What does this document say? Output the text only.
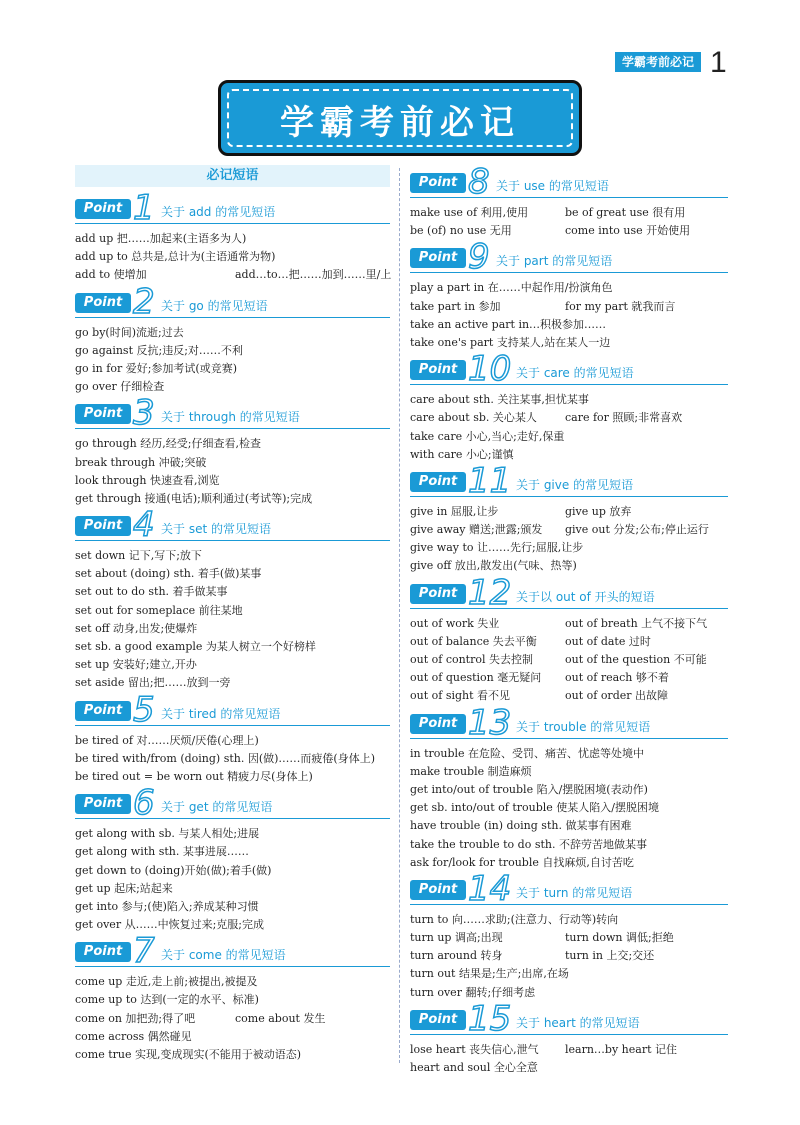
学霸考前必记 1
学霸考前必记
必记短语
Point 1 关于 add 的常见短语
add up 把……加起来(主语多为人)
add up to 总共是,总计为(主语通常为物)
add to 使增加	add…to…把……加到……里/上
Point 2 关于 go 的常见短语
go by(时间)流逝;过去
go against 反抗;违反;对……不利
go in for 爱好;参加考试(或竞赛)
go over 仔细检查
Point 3 关于 through 的常见短语
go through 经历,经受;仔细查看,检查
break through 冲破;突破
look through 快速查看,浏览
get through 接通(电话);顺利通过(考试等);完成
Point 4 关于 set 的常见短语
set down 记下,写下;放下
set about (doing) sth. 着手(做)某事
set out to do sth. 着手做某事
set out for someplace 前往某地
set off 动身,出发;使爆炸
set sb. a good example 为某人树立一个好榜样
set up 安装好;建立,开办
set aside 留出;把……放到一旁
Point 5 关于 tired 的常见短语
be tired of 对……厌烦/厌倦(心理上)
be tired with/from (doing) sth. 因(做)……而疲倦(身体上)
be tired out = be worn out 精疲力尽(身体上)
Point 6 关于 get 的常见短语
get along with sb. 与某人相处;进展
get along with sth. 某事进展……
get down to (doing)开始(做);着手(做)
get up 起床;站起来
get into 参与;(使)陷入;养成某种习惯
get over 从……中恢复过来;克服;完成
Point 7 关于 come 的常见短语
come up 走近,走上前;被提出,被提及
come up to 达到(一定的水平、标准)
come on 加把劲;得了吧	come about 发生
come across 偶然碰见
come true 实现,变成现实(不能用于被动语态)
Point 8 关于 use 的常见短语
make use of 利用,使用	be of great use 很有用
be (of) no use 无用	come into use 开始使用
Point 9 关于 part 的常见短语
play a part in 在……中起作用/扮演角色
take part in 参加	for my part 就我而言
take an active part in…积极参加……
take one's part 支持某人,站在某人一边
Point 10 关于 care 的常见短语
care about sth. 关注某事,担忧某事
care about sb. 关心某人	care for 照顾;非常喜欢
take care 小心,当心;走好,保重
with care 小心;谨慎
Point 11 关于 give 的常见短语
give in 屈服,让步	give up 放弃
give away 赠送;泄露;颁发 give out 分发;公布;停止运行
give way to 让……先行;屈服,让步
give off 放出,散发出(气味、热等)
Point 12 关于以 out of 开头的短语
out of work 失业	out of breath 上气不接下气
out of balance 失去平衡	out of date 过时
out of control 失去控制	out of the question 不可能
out of question 毫无疑问 out of reach 够不着
out of sight 看不见	out of order 出故障
Point 13 关于 trouble 的常见短语
in trouble 在危险、受罚、痛苦、忧虑等处境中
make trouble 制造麻烦
get into/out of trouble 陷入/摆脱困境(表动作)
get sb. into/out of trouble 使某人陷入/摆脱困境
have trouble (in) doing sth. 做某事有困难
take the trouble to do sth. 不辞劳苦地做某事
ask for/look for trouble 自找麻烦,自讨苦吃
Point 14 关于 turn 的常见短语
turn to 向……求助;(注意力、行动等)转向
turn up 调高;出现	turn down 调低;拒绝
turn around 转身	turn in 上交;交还
turn out 结果是;生产;出席,在场
turn over 翻转;仔细考虑
Point 15 关于 heart 的常见短语
lose heart 丧失信心,泄气 learn…by heart 记住
heart and soul 全心全意
